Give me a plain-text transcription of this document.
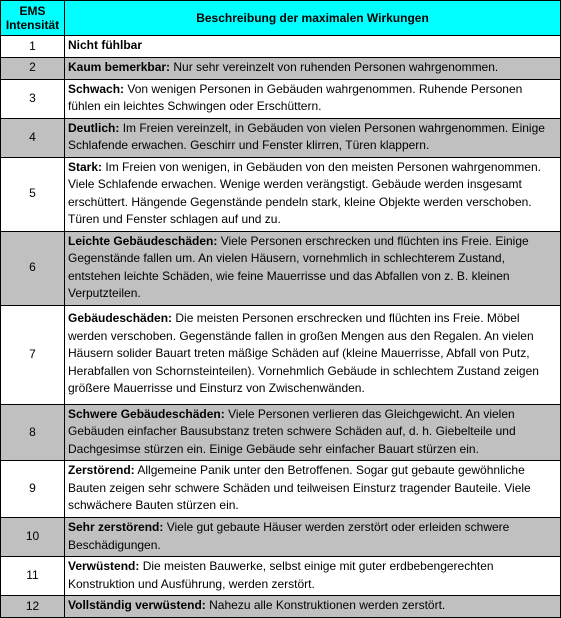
EMS
Intensität	Beschreibung der maximalen Wirkungen
1	Nicht fühlbar
2	Kaum bemerkbar: Nur sehr vereinzelt von ruhenden Personen wahrgenommen.
3	Schwach: Von wenigen Personen in Gebäuden wahrgenommen. Ruhende Personen fühlen ein leichtes Schwingen oder Erschüttern.
4	Deutlich: Im Freien vereinzelt, in Gebäuden von vielen Personen wahrgenommen. Einige Schlafende erwachen. Geschirr und Fenster klirren, Türen klappern.
5	Stark: Im Freien von wenigen, in Gebäuden von den meisten Personen wahrgenommen. Viele Schlafende erwachen. Wenige werden verängstigt. Gebäude werden insgesamt erschüttert. Hängende Gegenstände pendeln stark, kleine Objekte werden verschoben. Türen und Fenster schlagen auf und zu.
6	Leichte Gebäudeschäden: Viele Personen erschrecken und flüchten ins Freie. Einige Gegenstände fallen um. An vielen Häusern, vornehmlich in schlechterem Zustand, entstehen leichte Schäden, wie feine Mauerrisse und das Abfallen von z. B. kleinen Verputzteilen.
7	Gebäudeschäden: Die meisten Personen erschrecken und flüchten ins Freie. Möbel werden verschoben. Gegenstände fallen in großen Mengen aus den Regalen. An vielen Häusern solider Bauart treten mäßige Schäden auf (kleine Mauerrisse, Abfall von Putz, Herabfallen von Schornsteinteilen). Vornehmlich Gebäude in schlechtem Zustand zeigen größere Mauerrisse und Einsturz von Zwischenwänden.
8	Schwere Gebäudeschäden: Viele Personen verlieren das Gleichgewicht. An vielen Gebäuden einfacher Bausubstanz treten schwere Schäden auf, d. h. Giebelteile und Dachgesimse stürzen ein. Einige Gebäude sehr einfacher Bauart stürzen ein.
9	Zerstörend: Allgemeine Panik unter den Betroffenen. Sogar gut gebaute gewöhnliche Bauten zeigen sehr schwere Schäden und teilweisen Einsturz tragender Bauteile. Viele schwächere Bauten stürzen ein.
10	Sehr zerstörend: Viele gut gebaute Häuser werden zerstört oder erleiden schwere Beschädigungen.
11	Verwüstend: Die meisten Bauwerke, selbst einige mit guter erdbebengerechten Konstruktion und Ausführung, werden zerstört.
12	Vollständig verwüstend: Nahezu alle Konstruktionen werden zerstört.
